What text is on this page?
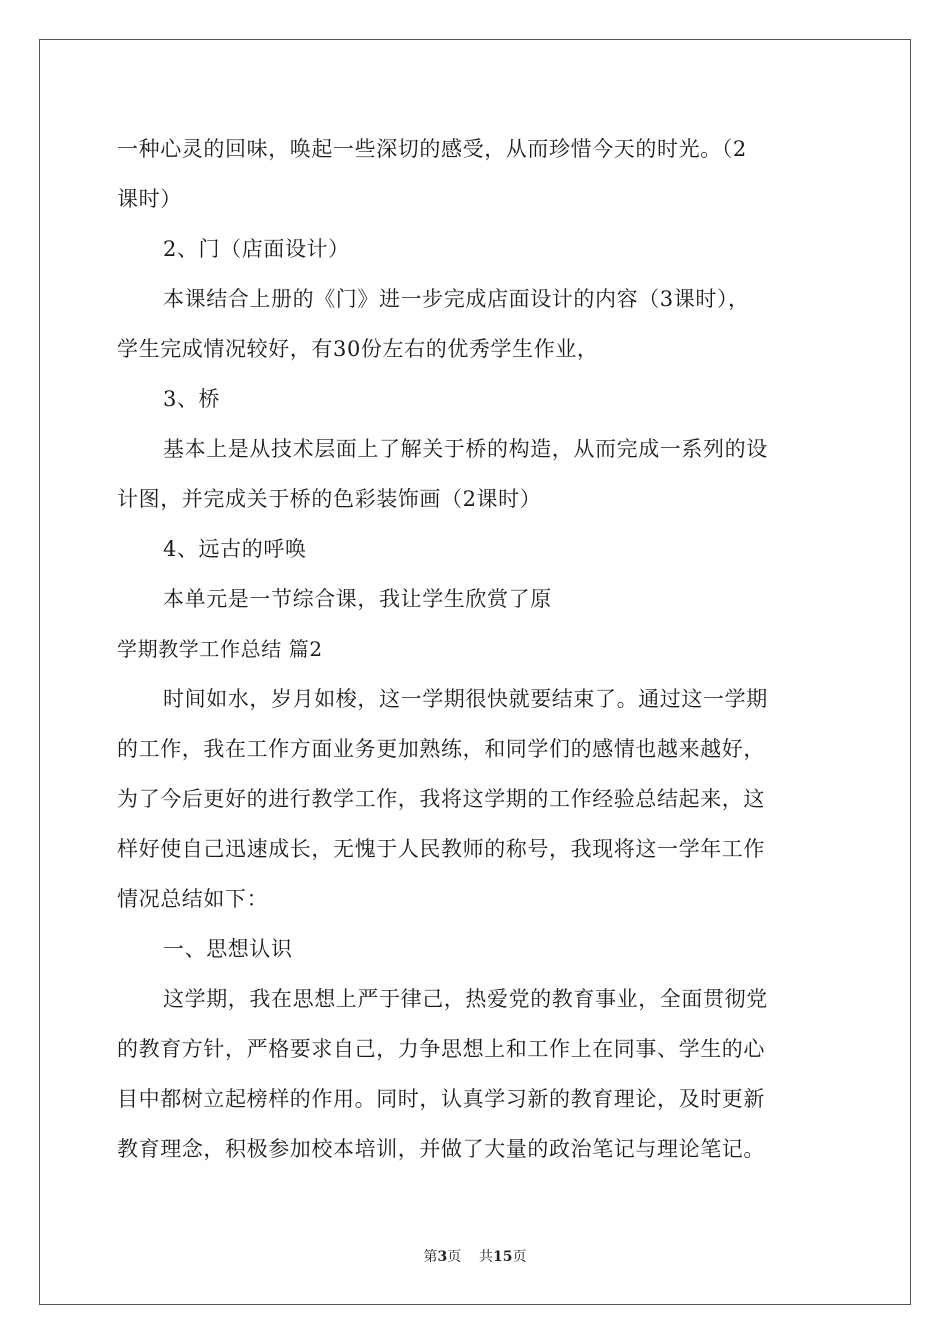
一种心灵的回味，唤起一些深切的感受，从而珍惜今天的时光。（2
课时）
2、门（店面设计）
本课结合上册的《门》进一步完成店面设计的内容（3课时），
学生完成情况较好，有30份左右的优秀学生作业，
3、桥
基本上是从技术层面上了解关于桥的构造，从而完成一系列的设
计图，并完成关于桥的色彩装饰画（2课时）
4、远古的呼唤
本单元是一节综合课，我让学生欣赏了原
学期教学工作总结 篇2
时间如水，岁月如梭，这一学期很快就要结束了。通过这一学期
的工作，我在工作方面业务更加熟练，和同学们的感情也越来越好，
为了今后更好的进行教学工作，我将这学期的工作经验总结起来，这
样好使自己迅速成长，无愧于人民教师的称号，我现将这一学年工作
情况总结如下：
一、思想认识
这学期，我在思想上严于律己，热爱党的教育事业，全面贯彻党
的教育方针，严格要求自己，力争思想上和工作上在同事、学生的心
目中都树立起榜样的作用。同时，认真学习新的教育理论，及时更新
教育理念，积极参加校本培训，并做了大量的政治笔记与理论笔记。
第3页 共15页
